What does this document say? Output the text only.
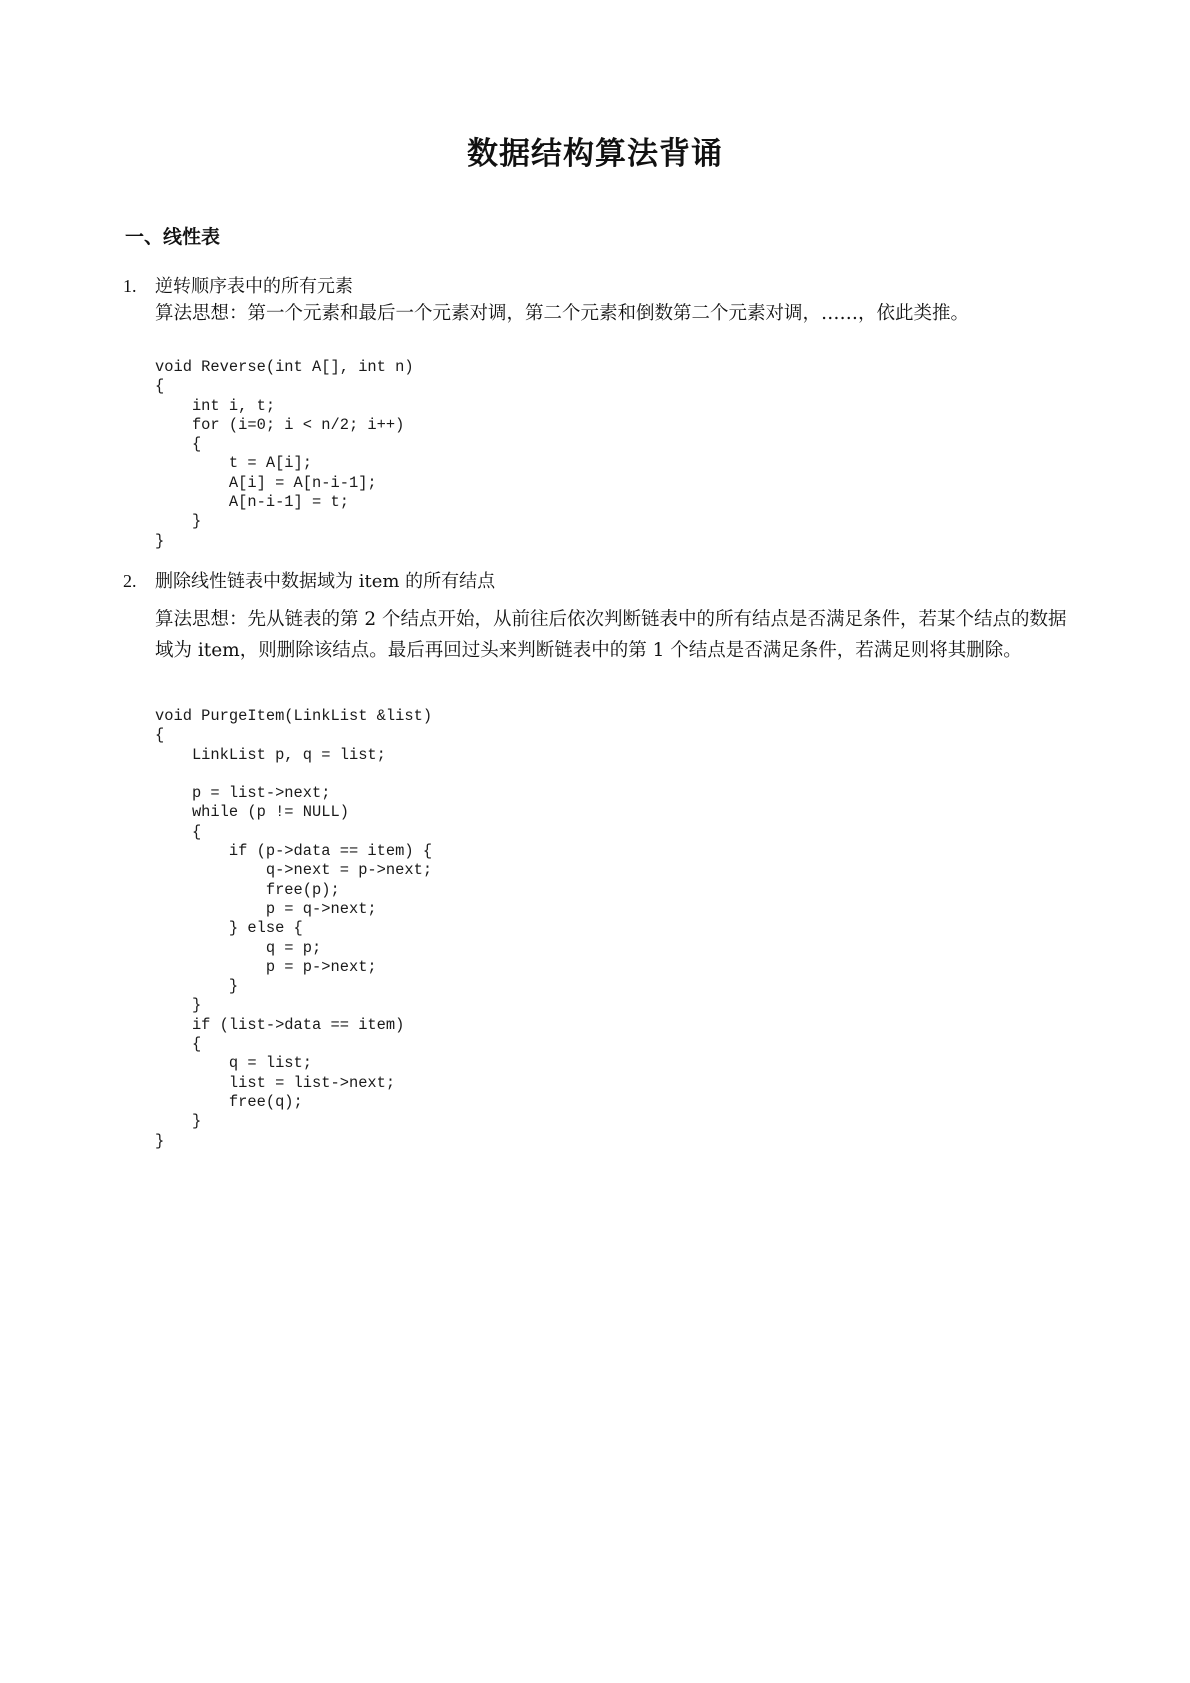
数据结构算法背诵
一、线性表
1. 逆转顺序表中的所有元素

算法思想：第一个元素和最后一个元素对调，第二个元素和倒数第二个元素对调，……，依此类推。

void Reverse(int A[], int n)
{
int i, t;
for (i=0; i < n/2; i++)
{
t = A[i];
A[i] = A[n-i-1];
A[n-i-1] = t;
}
}
2. 删除线性链表中数据域为 item 的所有结点

算法思想：先从链表的第 2 个结点开始，从前往后依次判断链表中的所有结点是否满足条件，若某个结点的数据域为 item，则删除该结点。最后再回过头来判断链表中的第 1 个结点是否满足条件，若满足则将其删除。

void PurgeItem(LinkList &list)
{
LinkList p, q = list;

p = list->next;
while (p != NULL)
{
if (p->data == item) {
q->next = p->next;
free(p);
p = q->next;
} else {
q = p;
p = p->next;
}
}
if (list->data == item)
{
q = list;
list = list->next;
free(q);
}
}
